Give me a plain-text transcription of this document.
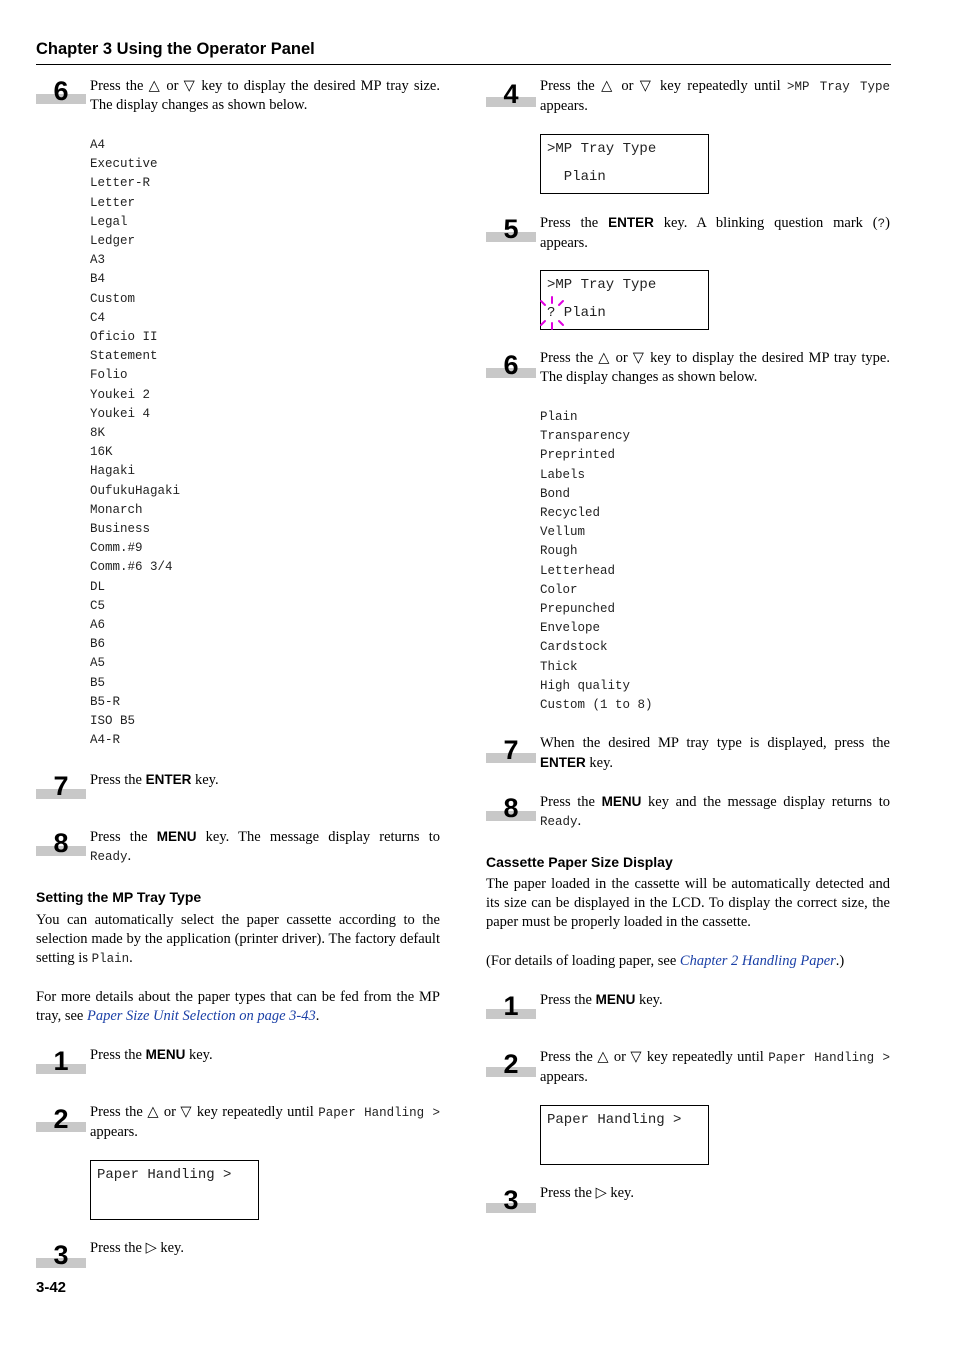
Chapter 3 Using the Operator Panel
6	Press the △ or ▽ key to display the desired MP tray size. The display changes as shown below.
A4
Executive
Letter-R
Letter
Legal
Ledger
A3
B4
Custom
C4
Oficio II
Statement
Folio
Youkei 2
Youkei 4
8K
16K
Hagaki
OufukuHagaki
Monarch
Business
Comm.#9
Comm.#6 3/4
DL
C5
A6
B6
A5
B5
B5-R
ISO B5
A4-R
7	Press the ENTER key.
8	Press the MENU key. The message display returns to Ready.
Setting the MP Tray Type
You can automatically select the paper cassette according to the selection made by the application (printer driver). The factory default setting is Plain.
For more details about the paper types that can be fed from the MP tray, see Paper Size Unit Selection on page 3-43.
1	Press the MENU key.
2	Press the △ or ▽ key repeatedly until Paper Handling > appears.
Paper Handling >
3	Press the ▷ key.
3-42
4	Press the △ or ▽ key repeatedly until >MP Tray Type appears.
>MP Tray Type
Plain
5	Press the ENTER key. A blinking question mark (?) appears.
>MP Tray Type
? Plain
6	Press the △ or ▽ key to display the desired MP tray type. The display changes as shown below.
Plain
Transparency
Preprinted
Labels
Bond
Recycled
Vellum
Rough
Letterhead
Color
Prepunched
Envelope
Cardstock
Thick
High quality
Custom (1 to 8)
7	When the desired MP tray type is displayed, press the ENTER key.
8	Press the MENU key and the message display returns to Ready.
Cassette Paper Size Display
The paper loaded in the cassette will be automatically detected and its size can be displayed in the LCD. To display the correct size, the paper must be properly loaded in the cassette.
(For details of loading paper, see Chapter 2 Handling Paper.)
1	Press the MENU key.
2	Press the △ or ▽ key repeatedly until Paper Handling > appears.
Paper Handling >
3	Press the ▷ key.
